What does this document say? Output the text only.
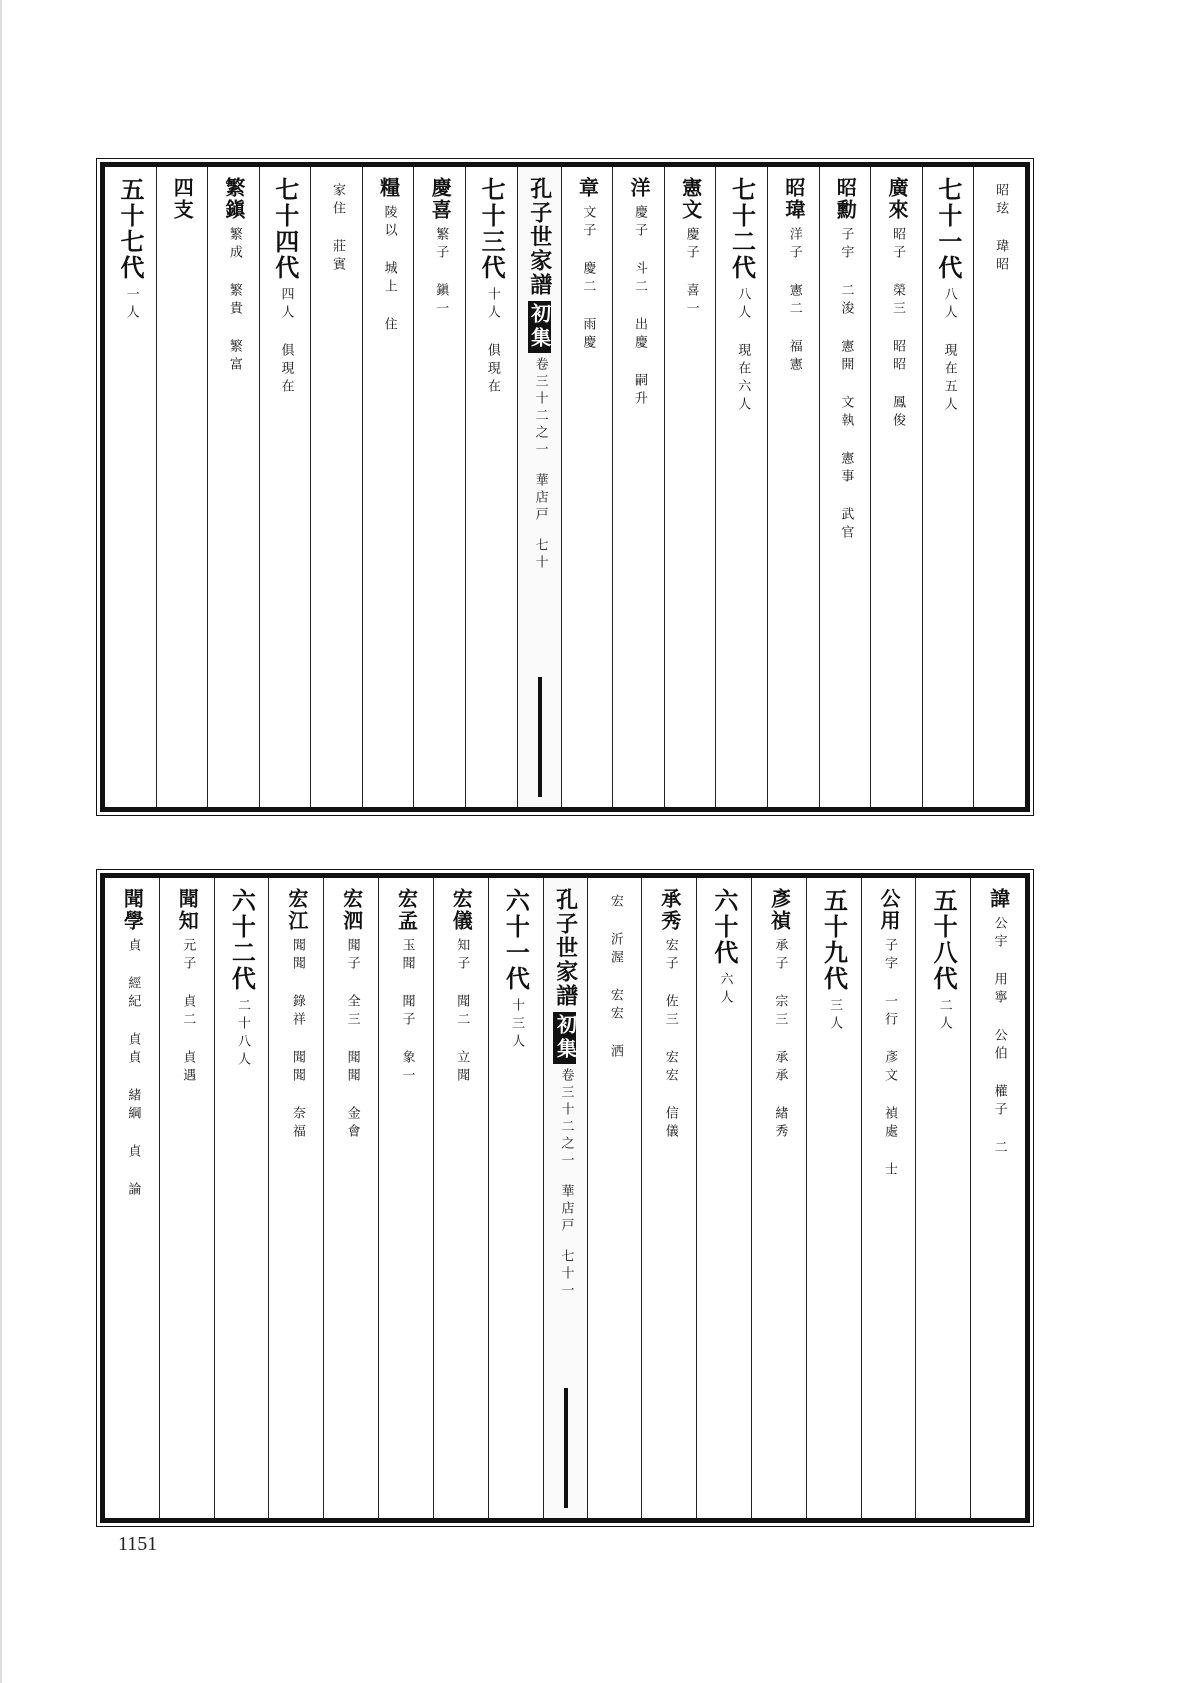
昭玹 瑋昭
七十一代
八人 現在五人
廣來
昭子 榮三 昭昭 鳳俊
昭勳
子宇 二浚 憲開 文執 憲事 武官
昭瑋
洋子 憲二 福憲
七十二代
八人 現在六人
憲文
慶子 喜一
洋
慶子 斗二 出慶 嗣升
章
文子 慶二 雨慶
孔子世家譜
初集
卷三十二之一
華店戸
七十
七十三代
十人 俱現在
慶喜
繁子 鎭一
糧
陵以 城上 住
家住 莊賓
七十四代
四人 俱現在
繁鎭
繁成 繁貴 繁富
四支
五十七代
一人
諱
公宇 用寧 公伯 權子 二
五十八代
二人
公用
子字 一行 彥文 禎處 士
五十九代
三人
彥禎
承子 宗三 承承 緖秀
六十代
六人
承秀
宏子 佐三 宏宏 信儀
宏 沂渥 宏宏 洒
孔子世家譜
初集
卷三十二之一
華店戸
七十一
六十一代
十三人
宏儀
知子 聞二 立聞
宏孟
玉聞 聞子 象一
宏泗
聞子 全三 聞聞 金會
宏江
聞聞 錄祥 聞聞 奈福
六十二代
二十八人
聞知
元子 貞二 貞遇
聞學
貞 經紀 貞貞 緒綱 貞 論
1151
